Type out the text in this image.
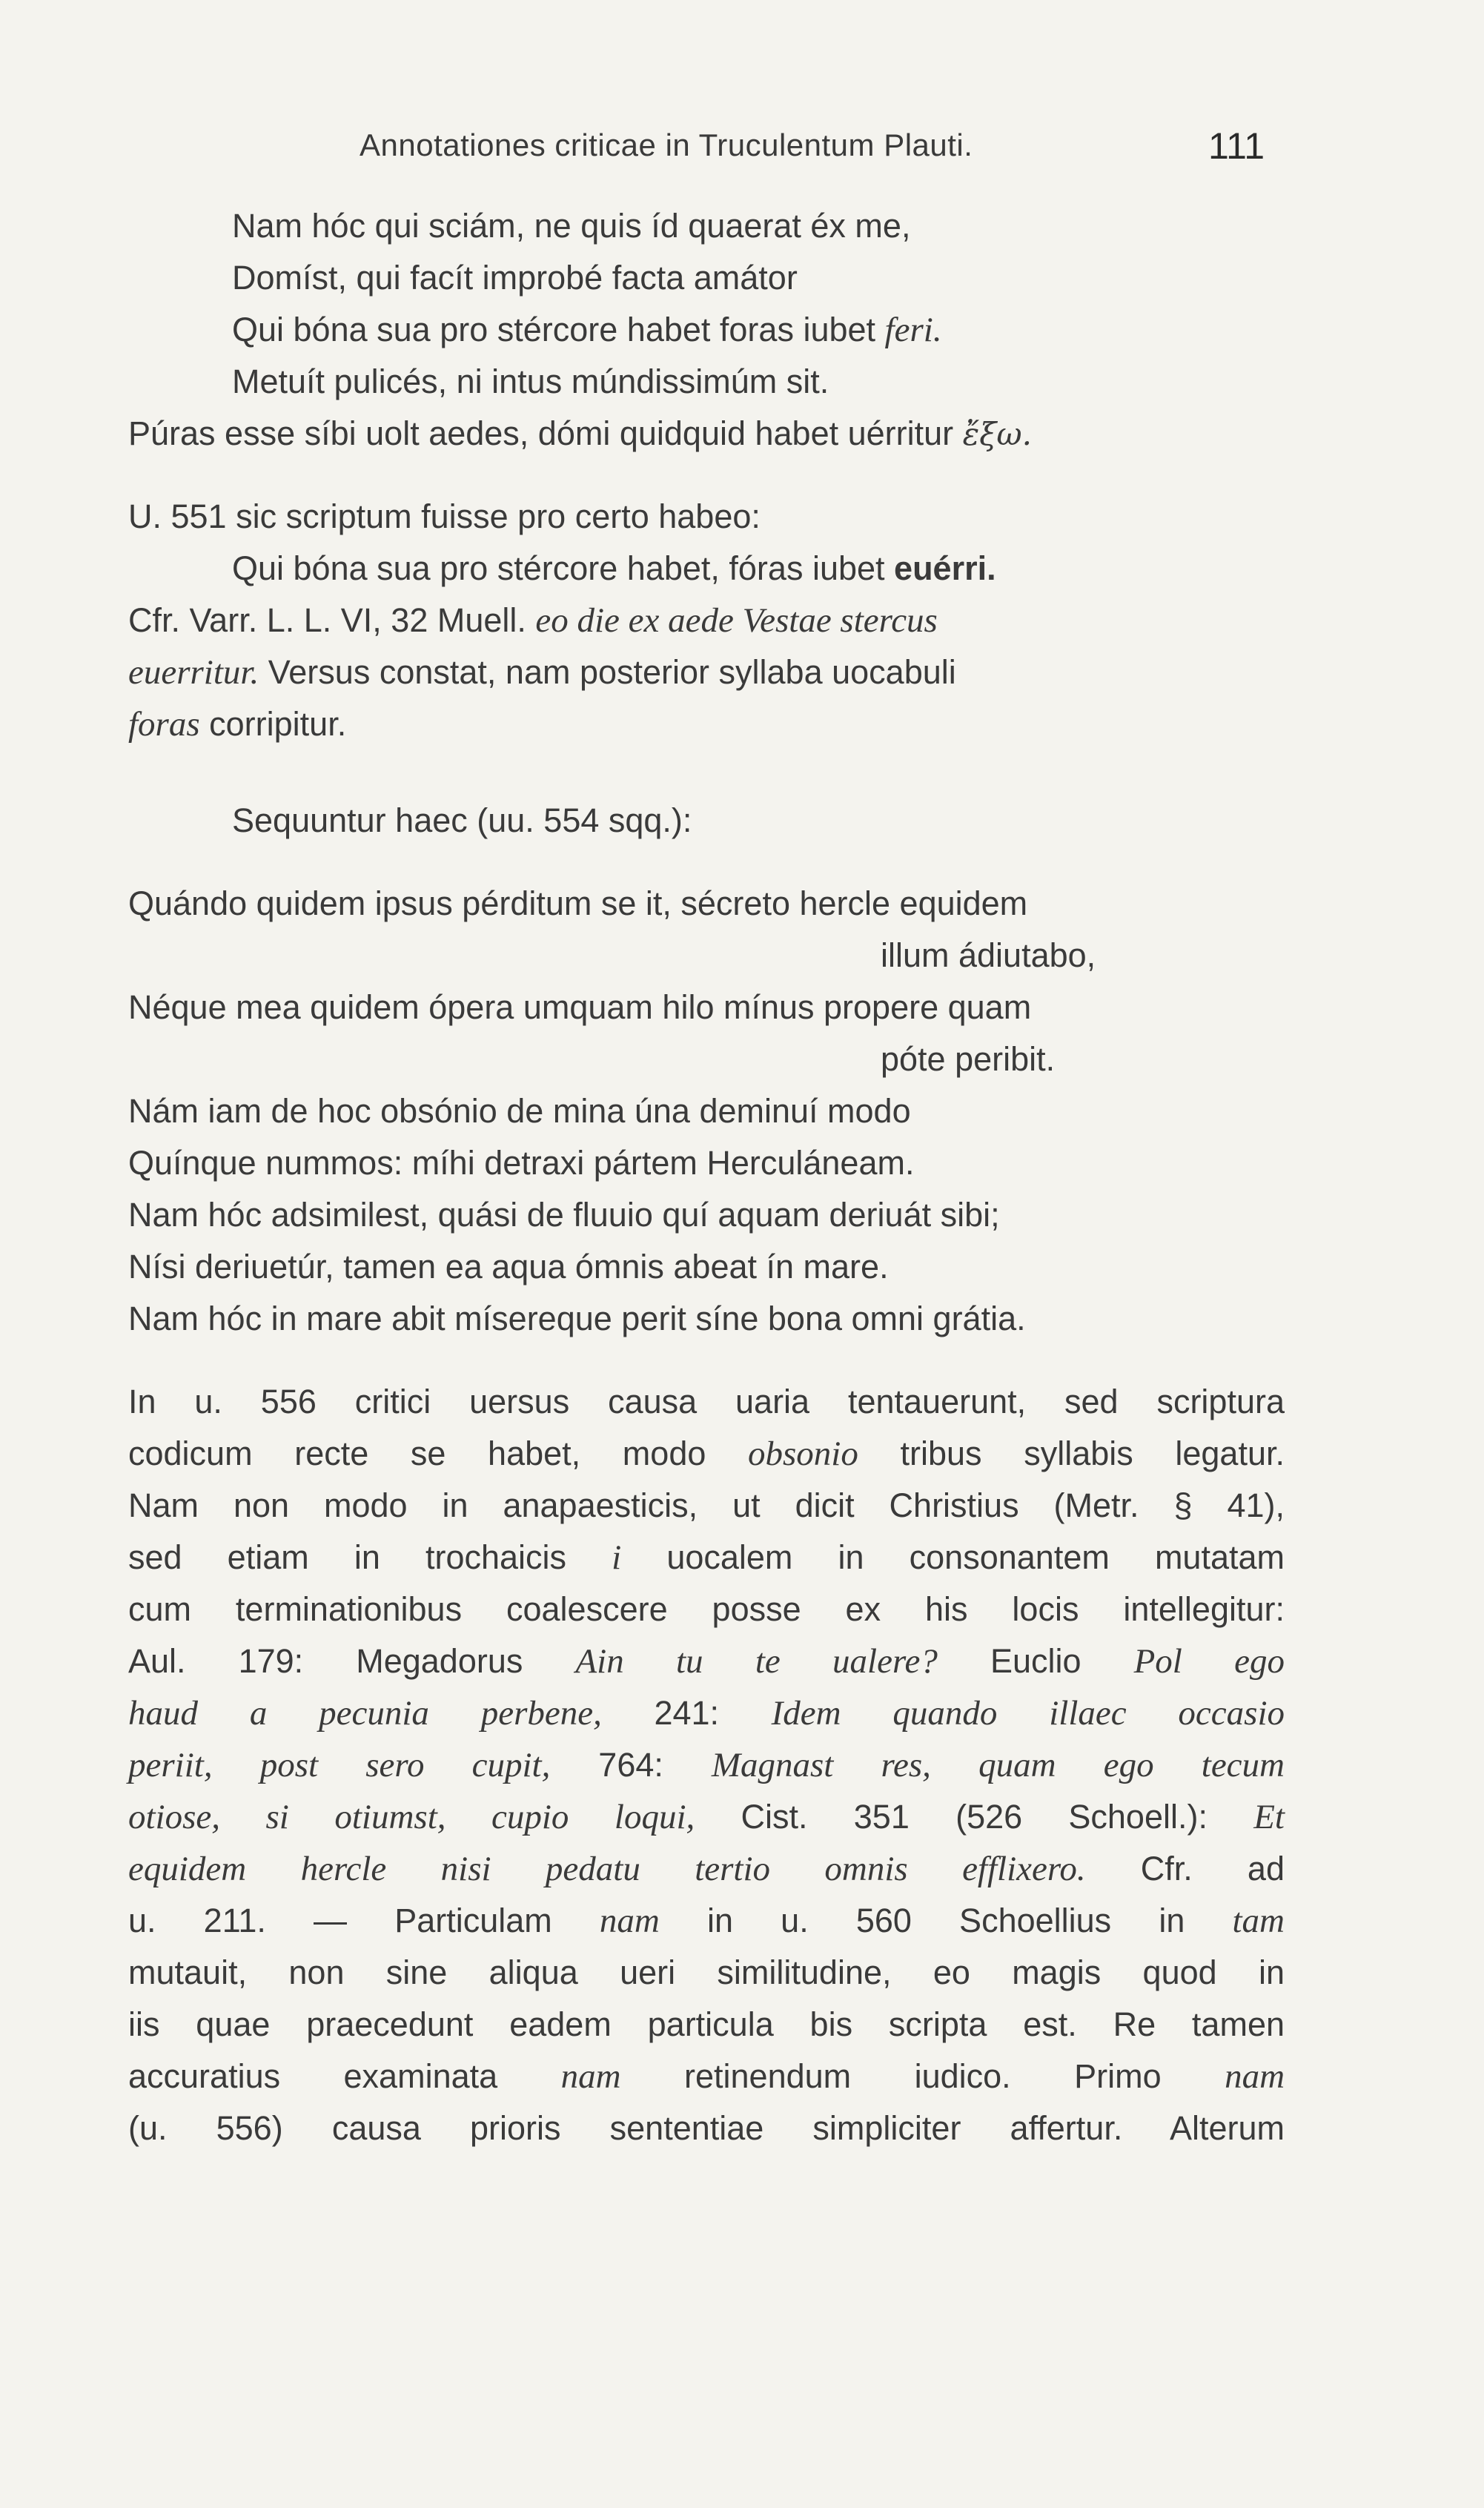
Annotationes criticae in Truculentum Plauti.	111
Nam hóc qui sciám, ne quis íd quaerat éx me,
Domíst, qui facít improbé facta amátor
Qui bóna sua pro stércore habet foras iubet feri.
Metuít pulicés, ni intus múndissimúm sit.
Púras esse síbi uolt aedes, dómi quidquid habet uérritur ἔξω.
U. 551 sic scriptum fuisse pro certo habeo:
Qui bóna sua pro stércore habet, fóras iubet euérri.
Cfr. Varr. L. L. VI, 32 Muell. eo die ex aede Vestae stercus
euerritur. Versus constat, nam posterior syllaba uocabuli
foras corripitur.
Sequuntur haec (uu. 554 sqq.):
Quándo quidem ipsus pérditum se it, sécreto hercle equidem
illum ádiutabo,
Néque mea quidem ópera umquam hilo mínus propere quam
póte peribit.
Nám iam de hoc obsónio de mina úna deminuí modo
Quínque nummos: míhi detraxi pártem Herculáneam.
Nam hóc adsimilest, quási de fluuio quí aquam deriuát sibi;
Nísi deriuetúr, tamen ea aqua ómnis abeat ín mare.
Nam hóc in mare abit mísereque perit síne bona omni grátia.
In u. 556 critici uersus causa uaria tentauerunt, sed scriptura
codicum recte se habet, modo obsonio tribus syllabis legatur.
Nam non modo in anapaesticis, ut dicit Christius (Metr. § 41),
sed etiam in trochaicis i uocalem in consonantem mutatam
cum terminationibus coalescere posse ex his locis intellegitur:
Aul. 179: Megadorus Ain tu te ualere? Euclio Pol ego
haud a pecunia perbene, 241: Idem quando illaec occasio
periit, post sero cupit, 764: Magnast res, quam ego tecum
otiose, si otiumst, cupio loqui, Cist. 351 (526 Schoell.): Et
equidem hercle nisi pedatu tertio omnis efflixero. Cfr. ad
u. 211. — Particulam nam in u. 560 Schoellius in tam
mutauit, non sine aliqua ueri similitudine, eo magis quod in
iis quae praecedunt eadem particula bis scripta est. Re tamen
accuratius examinata nam retinendum iudico. Primo nam
(u. 556) causa prioris sententiae simpliciter affertur. Alterum
